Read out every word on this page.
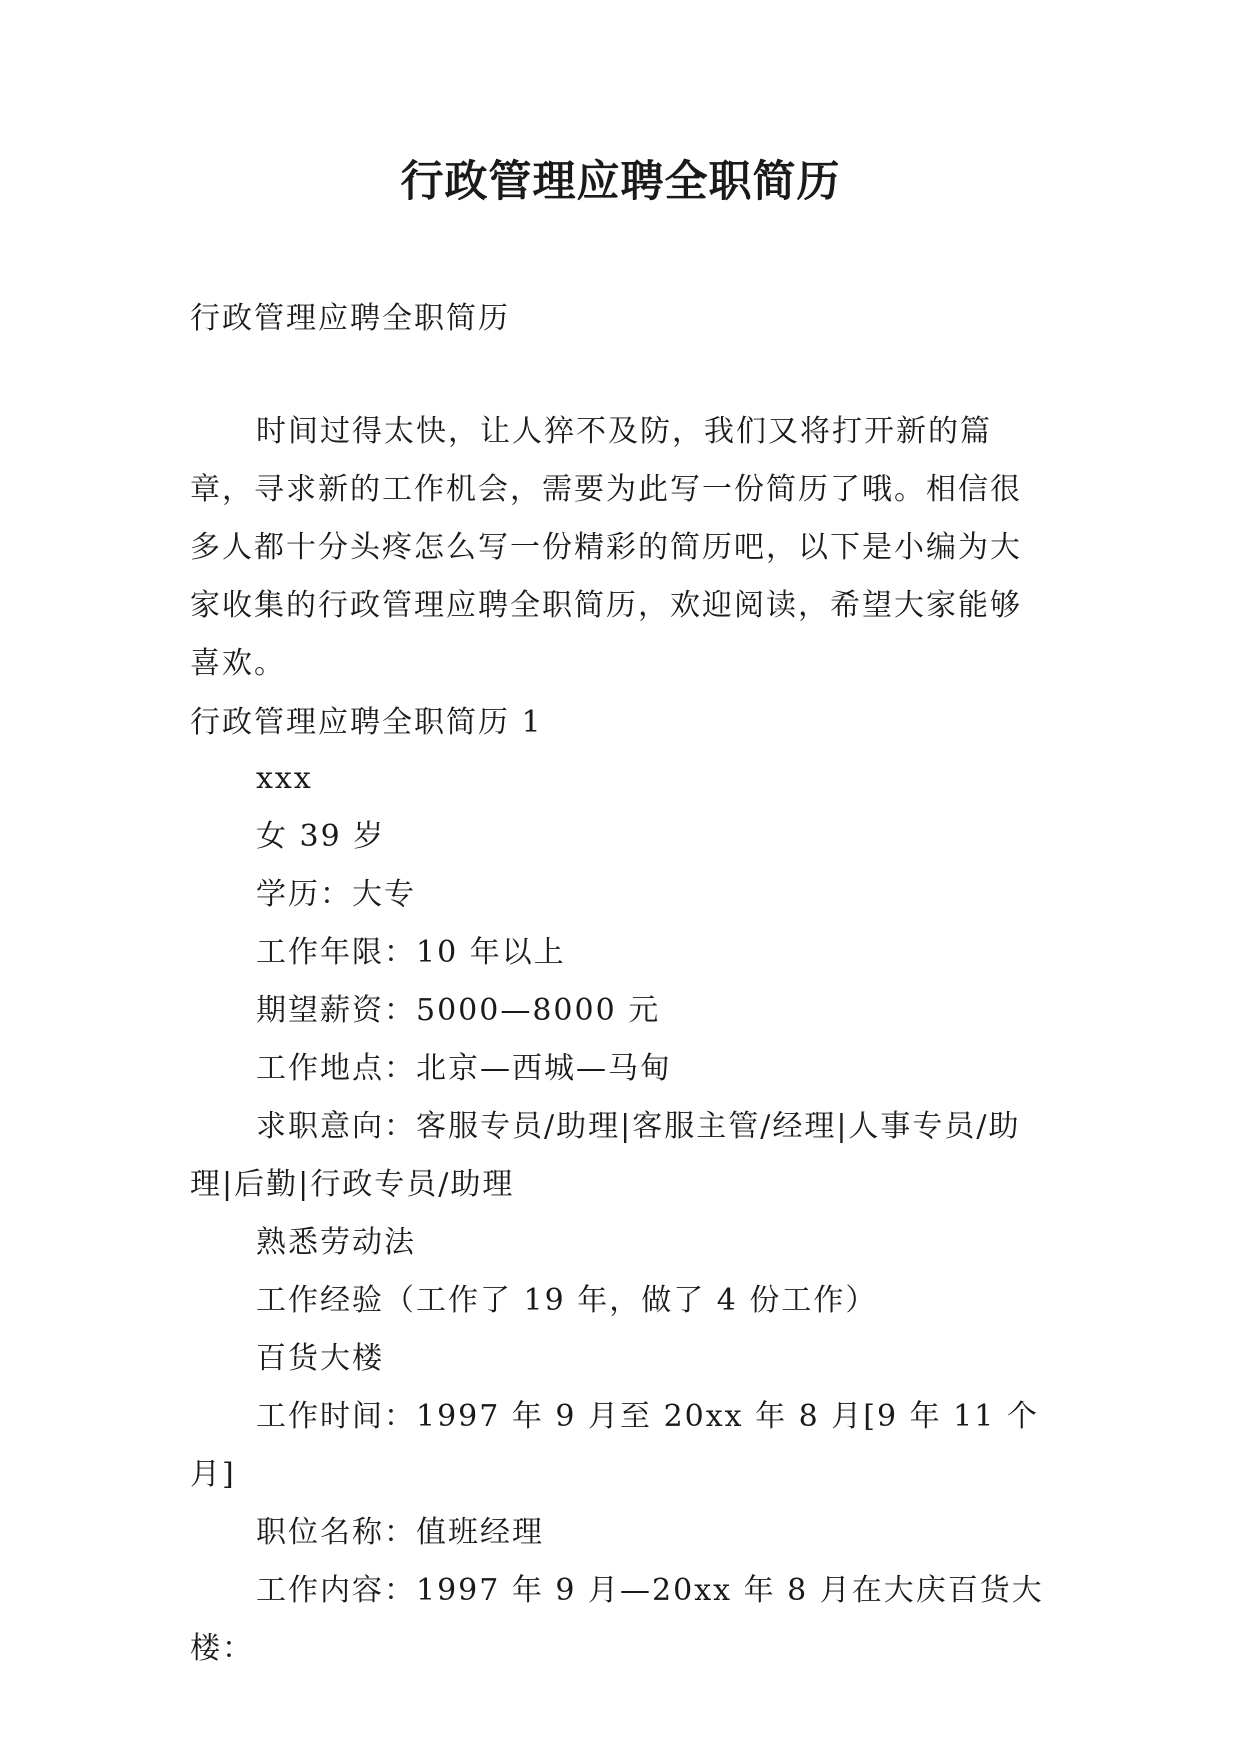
行政管理应聘全职简历

行政管理应聘全职简历

时间过得太快，让人猝不及防，我们又将打开新的篇章，寻求新的工作机会，需要为此写一份简历了哦。相信很多人都十分头疼怎么写一份精彩的简历吧，以下是小编为大家收集的行政管理应聘全职简历，欢迎阅读，希望大家能够喜欢。

行政管理应聘全职简历 1

xxx
女 39 岁
学历：大专
工作年限：10 年以上
期望薪资：5000—8000 元
工作地点：北京—西城—马甸
求职意向：客服专员/助理|客服主管/经理|人事专员/助理|后勤|行政专员/助理
熟悉劳动法
工作经验（工作了 19 年，做了 4 份工作）
百货大楼
工作时间：1997 年 9 月至 20xx 年 8 月[9 年 11 个月]
职位名称：值班经理
工作内容：1997 年 9 月—20xx 年 8 月在大庆百货大楼：
